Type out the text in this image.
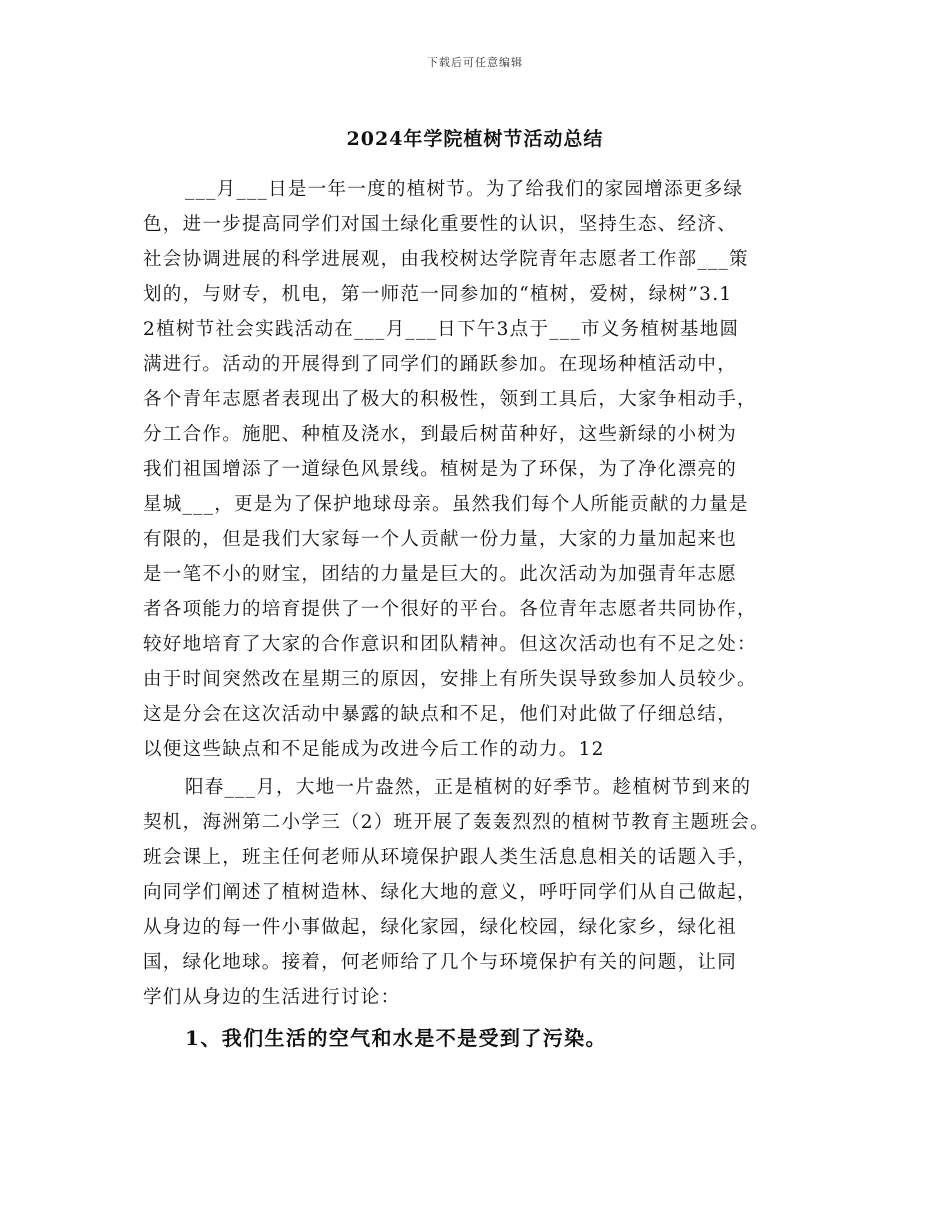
下载后可任意编辑
2024年学院植树节活动总结
___月___日是一年一度的植树节。为了给我们的家园增添更多绿
色，进一步提高同学们对国土绿化重要性的认识，坚持生态、经济、
社会协调进展的科学进展观，由我校树达学院青年志愿者工作部___策
划的，与财专，机电，第一师范一同参加的“植树，爱树，绿树”3.1
2植树节社会实践活动在___月___日下午3点于___市义务植树基地圆
满进行。活动的开展得到了同学们的踊跃参加。在现场种植活动中，
各个青年志愿者表现出了极大的积极性，领到工具后，大家争相动手，
分工合作。施肥、种植及浇水，到最后树苗种好，这些新绿的小树为
我们祖国增添了一道绿色风景线。植树是为了环保，为了净化漂亮的
星城___，更是为了保护地球母亲。虽然我们每个人所能贡献的力量是
有限的，但是我们大家每一个人贡献一份力量，大家的力量加起来也
是一笔不小的财宝，团结的力量是巨大的。此次活动为加强青年志愿
者各项能力的培育提供了一个很好的平台。各位青年志愿者共同协作，
较好地培育了大家的合作意识和团队精神。但这次活动也有不足之处：
由于时间突然改在星期三的原因，安排上有所失误导致参加人员较少。
这是分会在这次活动中暴露的缺点和不足，他们对此做了仔细总结，
以便这些缺点和不足能成为改进今后工作的动力。12
阳春___月，大地一片盎然，正是植树的好季节。趁植树节到来的
契机，海洲第二小学三（2）班开展了轰轰烈烈的植树节教育主题班会。
班会课上，班主任何老师从环境保护跟人类生活息息相关的话题入手，
向同学们阐述了植树造林、绿化大地的意义，呼吁同学们从自己做起，
从身边的每一件小事做起，绿化家园，绿化校园，绿化家乡，绿化祖
国，绿化地球。接着，何老师给了几个与环境保护有关的问题，让同
学们从身边的生活进行讨论：
1、我们生活的空气和水是不是受到了污染。
